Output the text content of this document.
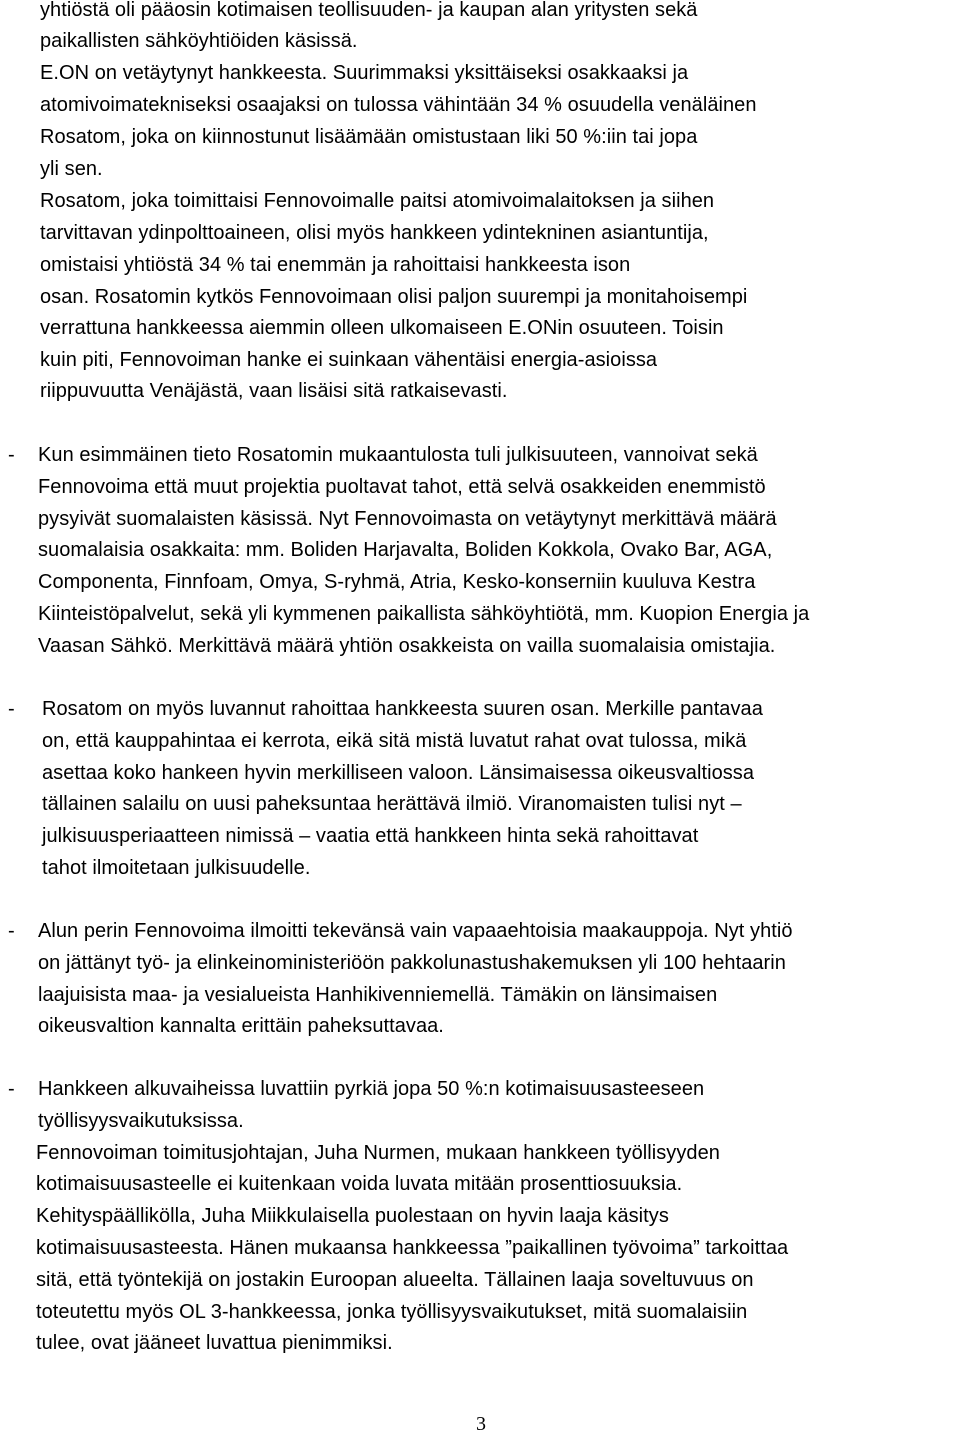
yhtiöstä oli pääosin kotimaisen teollisuuden- ja kaupan alan yritysten sekä
paikallisten sähköyhtiöiden käsissä.
E.ON on vetäytynyt hankkeesta. Suurimmaksi yksittäiseksi osakkaaksi ja
atomivoimatekniseksi osaajaksi on tulossa vähintään 34 % osuudella venäläinen
Rosatom, joka on kiinnostunut lisäämään omistustaan liki 50 %:iin tai jopa
yli sen.
Rosatom, joka toimittaisi Fennovoimalle paitsi atomivoimalaitoksen ja siihen
tarvittavan ydinpolttoaineen, olisi myös hankkeen ydintekninen asiantuntija,
omistaisi yhtiöstä 34 % tai enemmän ja rahoittaisi hankkeesta ison
osan. Rosatomin kytkös Fennovoimaan olisi paljon suurempi ja monitahoisempi
verrattuna hankkeessa aiemmin olleen ulkomaiseen E.ONin osuuteen. Toisin
kuin piti, Fennovoiman hanke ei suinkaan vähentäisi energia-asioissa
riippuvuutta Venäjästä, vaan lisäisi sitä ratkaisevasti.
- Kun esimmäinen tieto Rosatomin mukaantulosta tuli julkisuuteen, vannoivat sekä
Fennovoima että muut projektia puoltavat tahot, että selvä osakkeiden enemmistö
pysyivät suomalaisten käsissä. Nyt Fennovoimasta on vetäytynyt merkittävä määrä
suomalaisia osakkaita: mm. Boliden Harjavalta, Boliden Kokkola, Ovako Bar, AGA,
Componenta, Finnfoam, Omya, S-ryhmä, Atria, Kesko-konserniin kuuluva Kestra
Kiinteistöpalvelut, sekä yli kymmenen paikallista sähköyhtiötä, mm. Kuopion Energia ja
Vaasan Sähkö. Merkittävä määrä yhtiön osakkeista on vailla suomalaisia omistajia.
- Rosatom on myös luvannut rahoittaa hankkeesta suuren osan. Merkille pantavaa
on, että kauppahintaa ei kerrota, eikä sitä mistä luvatut rahat ovat tulossa, mikä
asettaa koko hankeen hyvin merkilliseen valoon. Länsimaisessa oikeusvaltiossa
tällainen salailu on uusi paheksuntaa herättävä ilmiö. Viranomaisten tulisi nyt –
julkisuusperiaatteen nimissä – vaatia että hankkeen hinta sekä rahoittavat
tahot ilmoitetaan julkisuudelle.
- Alun perin Fennovoima ilmoitti tekevänsä vain vapaaehtoisia maakauppoja. Nyt yhtiö
on jättänyt työ- ja elinkeinoministeriöön pakkolunastushakemuksen yli 100 hehtaarin
laajuisista maa- ja vesialueista Hanhikivenniemellä. Tämäkin on länsimaisen
oikeusvaltion kannalta erittäin paheksuttavaa.
- Hankkeen alkuvaiheissa luvattiin pyrkiä jopa 50 %:n kotimaisuusasteeseen
työllisyysvaikutuksissa.
Fennovoiman toimitusjohtajan, Juha Nurmen, mukaan hankkeen työllisyyden
kotimaisuusasteelle ei kuitenkaan voida luvata mitään prosenttiosuuksia.
Kehityspäällikölla, Juha Miikkulaisella puolestaan on hyvin laaja käsitys
kotimaisuusasteesta. Hänen mukaansa hankkeessa ”paikallinen työvoima” tarkoittaa
sitä, että työntekijä on jostakin Euroopan alueelta. Tällainen laaja soveltuvuus on
toteutettu myös OL 3-hankkeessa, jonka työllisyysvaikutukset, mitä suomalaisiin
tulee, ovat jääneet luvattua pienimmiksi.
3
